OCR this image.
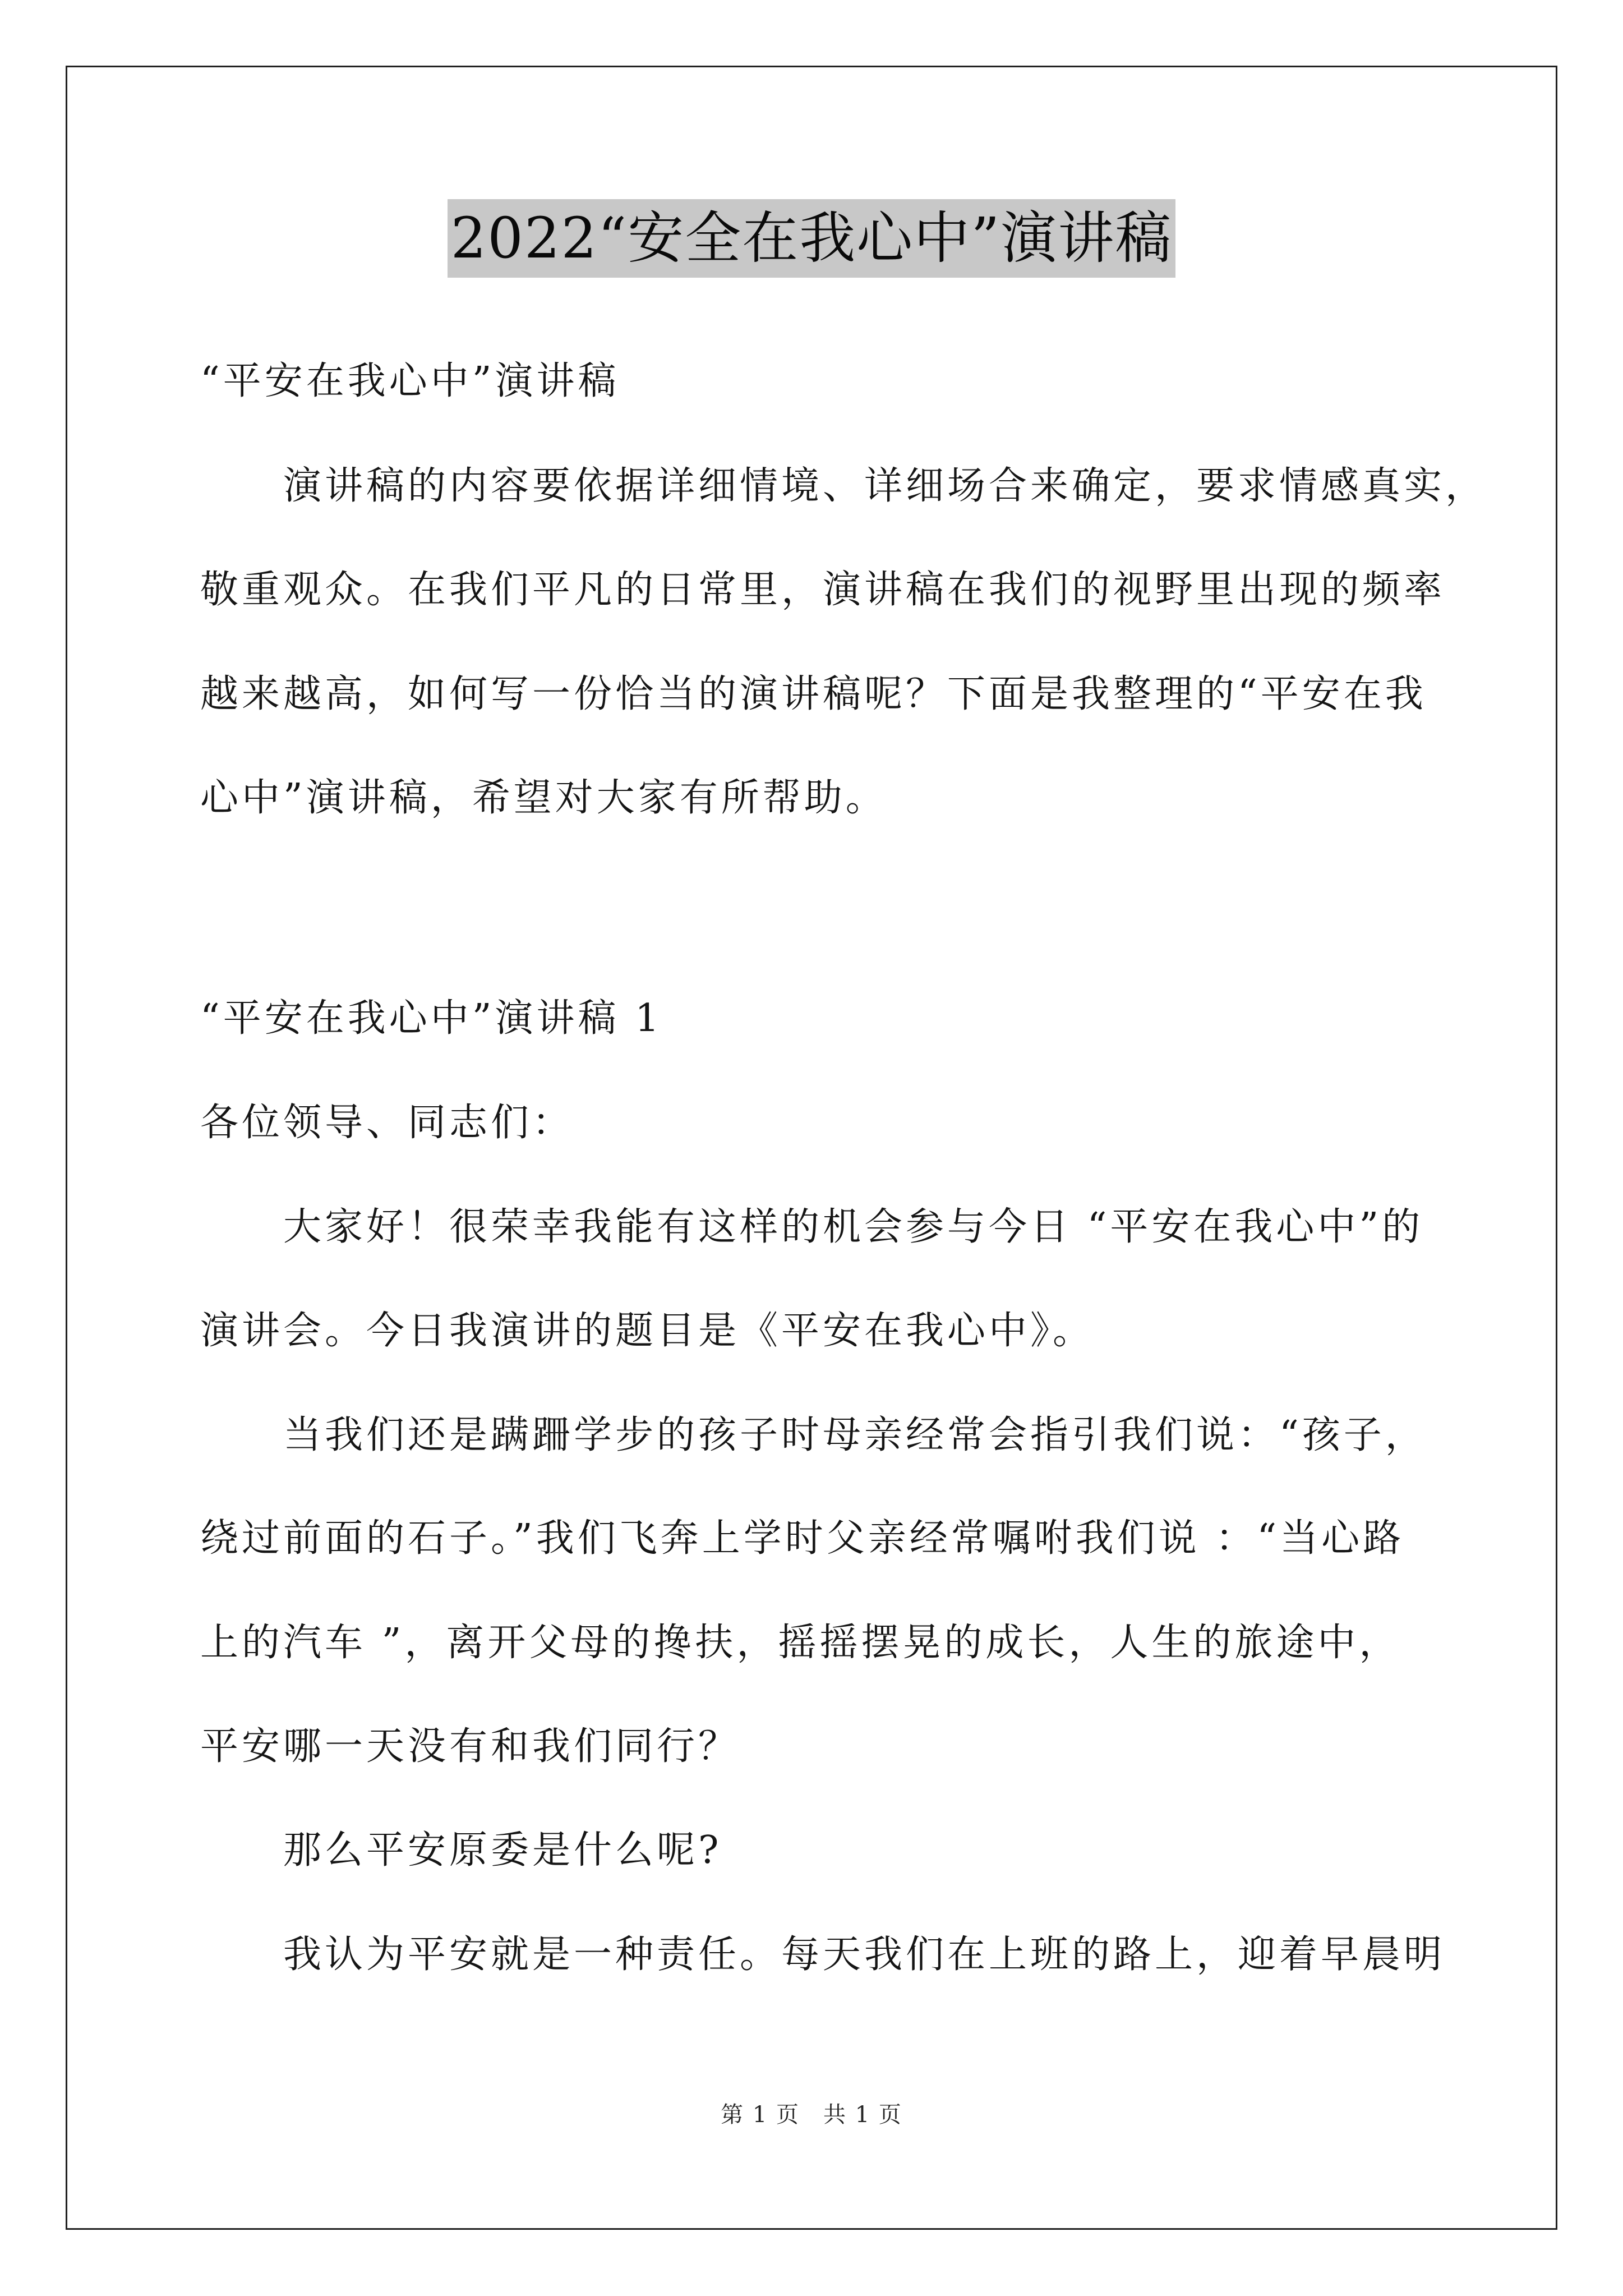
2022“安全在我心中”演讲稿
“平安在我心中”演讲稿
演讲稿的内容要依据详细情境、详细场合来确定，要求情感真实，
敬重观众。在我们平凡的日常里，演讲稿在我们的视野里出现的频率
越来越高，如何写一份恰当的演讲稿呢？下面是我整理的“平安在我
心中”演讲稿，希望对大家有所帮助。
“平安在我心中”演讲稿 1
各位领导、同志们：
大家好！很荣幸我能有这样的机会参与今日 “平安在我心中”的
演讲会。今日我演讲的题目是《平安在我心中》。
当我们还是蹒跚学步的孩子时母亲经常会指引我们说：“孩子，
绕过前面的石子。”我们飞奔上学时父亲经常嘱咐我们说 ：“当心路
上的汽车 ”，离开父母的搀扶，摇摇摆晃的成长，人生的旅途中，
平安哪一天没有和我们同行？
那么平安原委是什么呢?
我认为平安就是一种责任。每天我们在上班的路上，迎着早晨明
第 1 页　共 1 页
